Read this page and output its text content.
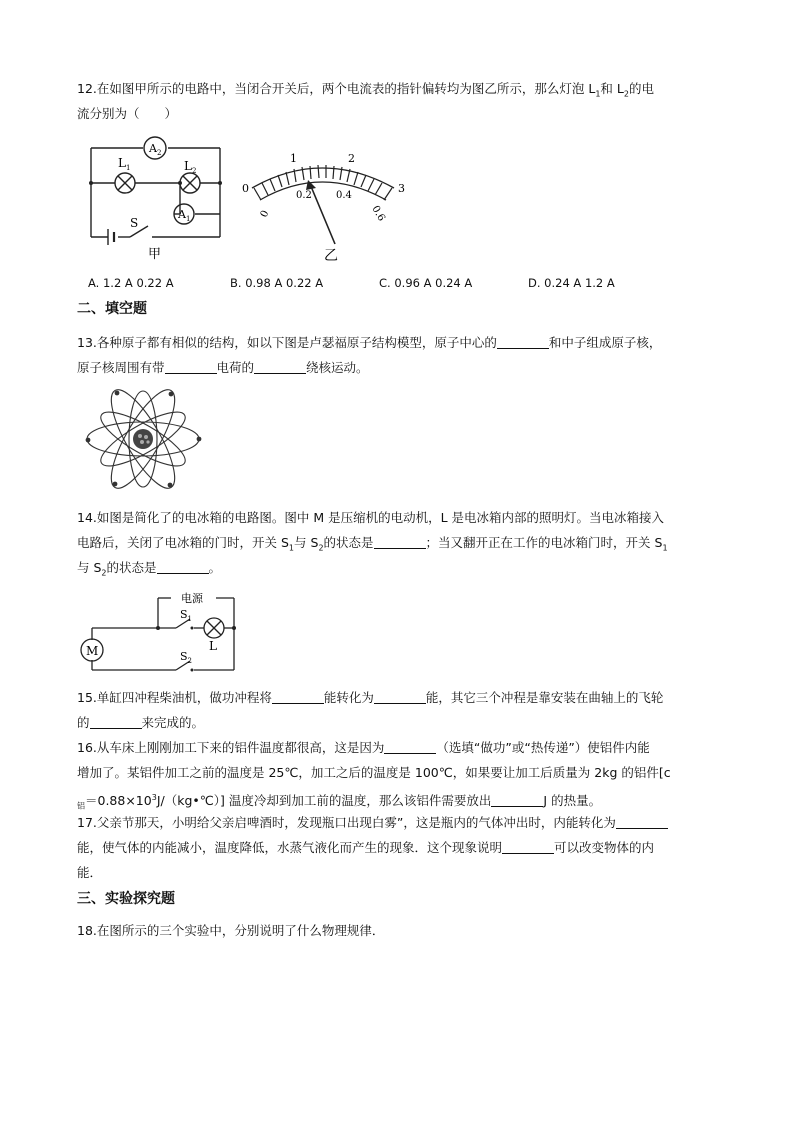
12.在如图甲所示的电路中，当闭合开关后，两个电流表的指针偏转均为图乙所示，那么灯泡 $L_1$和 $L_2$的电

流分别为（　　）

$A_2$
$A_1$
$L_1$	$L_2$
S
甲
0
1	2
3
0
0.2 0.4
0.6
乙
A. 1.2 A 0.22 A	B. 0.98 A 0.22 A	C. 0.96 A 0.24 A	D. 0.24 A 1.2 A

二、填空题

13.各种原子都有相似的结构，如以下图是卢瑟福原子结构模型，原子中心的	和中子组成原子核，

原子核周围有带	电荷的	绕核运动。

14.如图是简化了的电冰箱的电路图。图中 M 是压缩机的电动机，L 是电冰箱内部的照明灯。当电冰箱接入

电路后，关闭了电冰箱的门时，开关 $S_1$与 $S_2$的状态是	；当又翻开正在工作的电冰箱门时，开关 $S_1$

与 $S_2$的状态是	。

电源
M	L
$S_1$
$S_2$

15.单缸四冲程柴油机，做功冲程将	能转化为	能，其它三个冲程是靠安装在曲轴上的飞轮

的	来完成的。

16.从车床上刚刚加工下来的铝件温度都很高，这是因为	（选填“做功”或“热传递”）使铝件内能

增加了。某铝件加工之前的温度是 25℃，加工之后的温度是 100℃，如果要让加工后质量为 2kg 的铝件[c

$_铝=0.88\times 10^3J/(kg•℃)$] 温度冷却到加工前的温度，那么该铝件需要放出	J 的热量。

17.父亲节那天，小明给父亲启啤酒时，发现瓶口出现白雾”，这是瓶内的气体冲出时，内能转化为

能，使气体的内能减小，温度降低，水蒸气液化而产生的现象．这个现象说明	可以改变物体的内

能．

三、实验探究题

18.在图所示的三个实验中，分别说明了什么物理规律．
